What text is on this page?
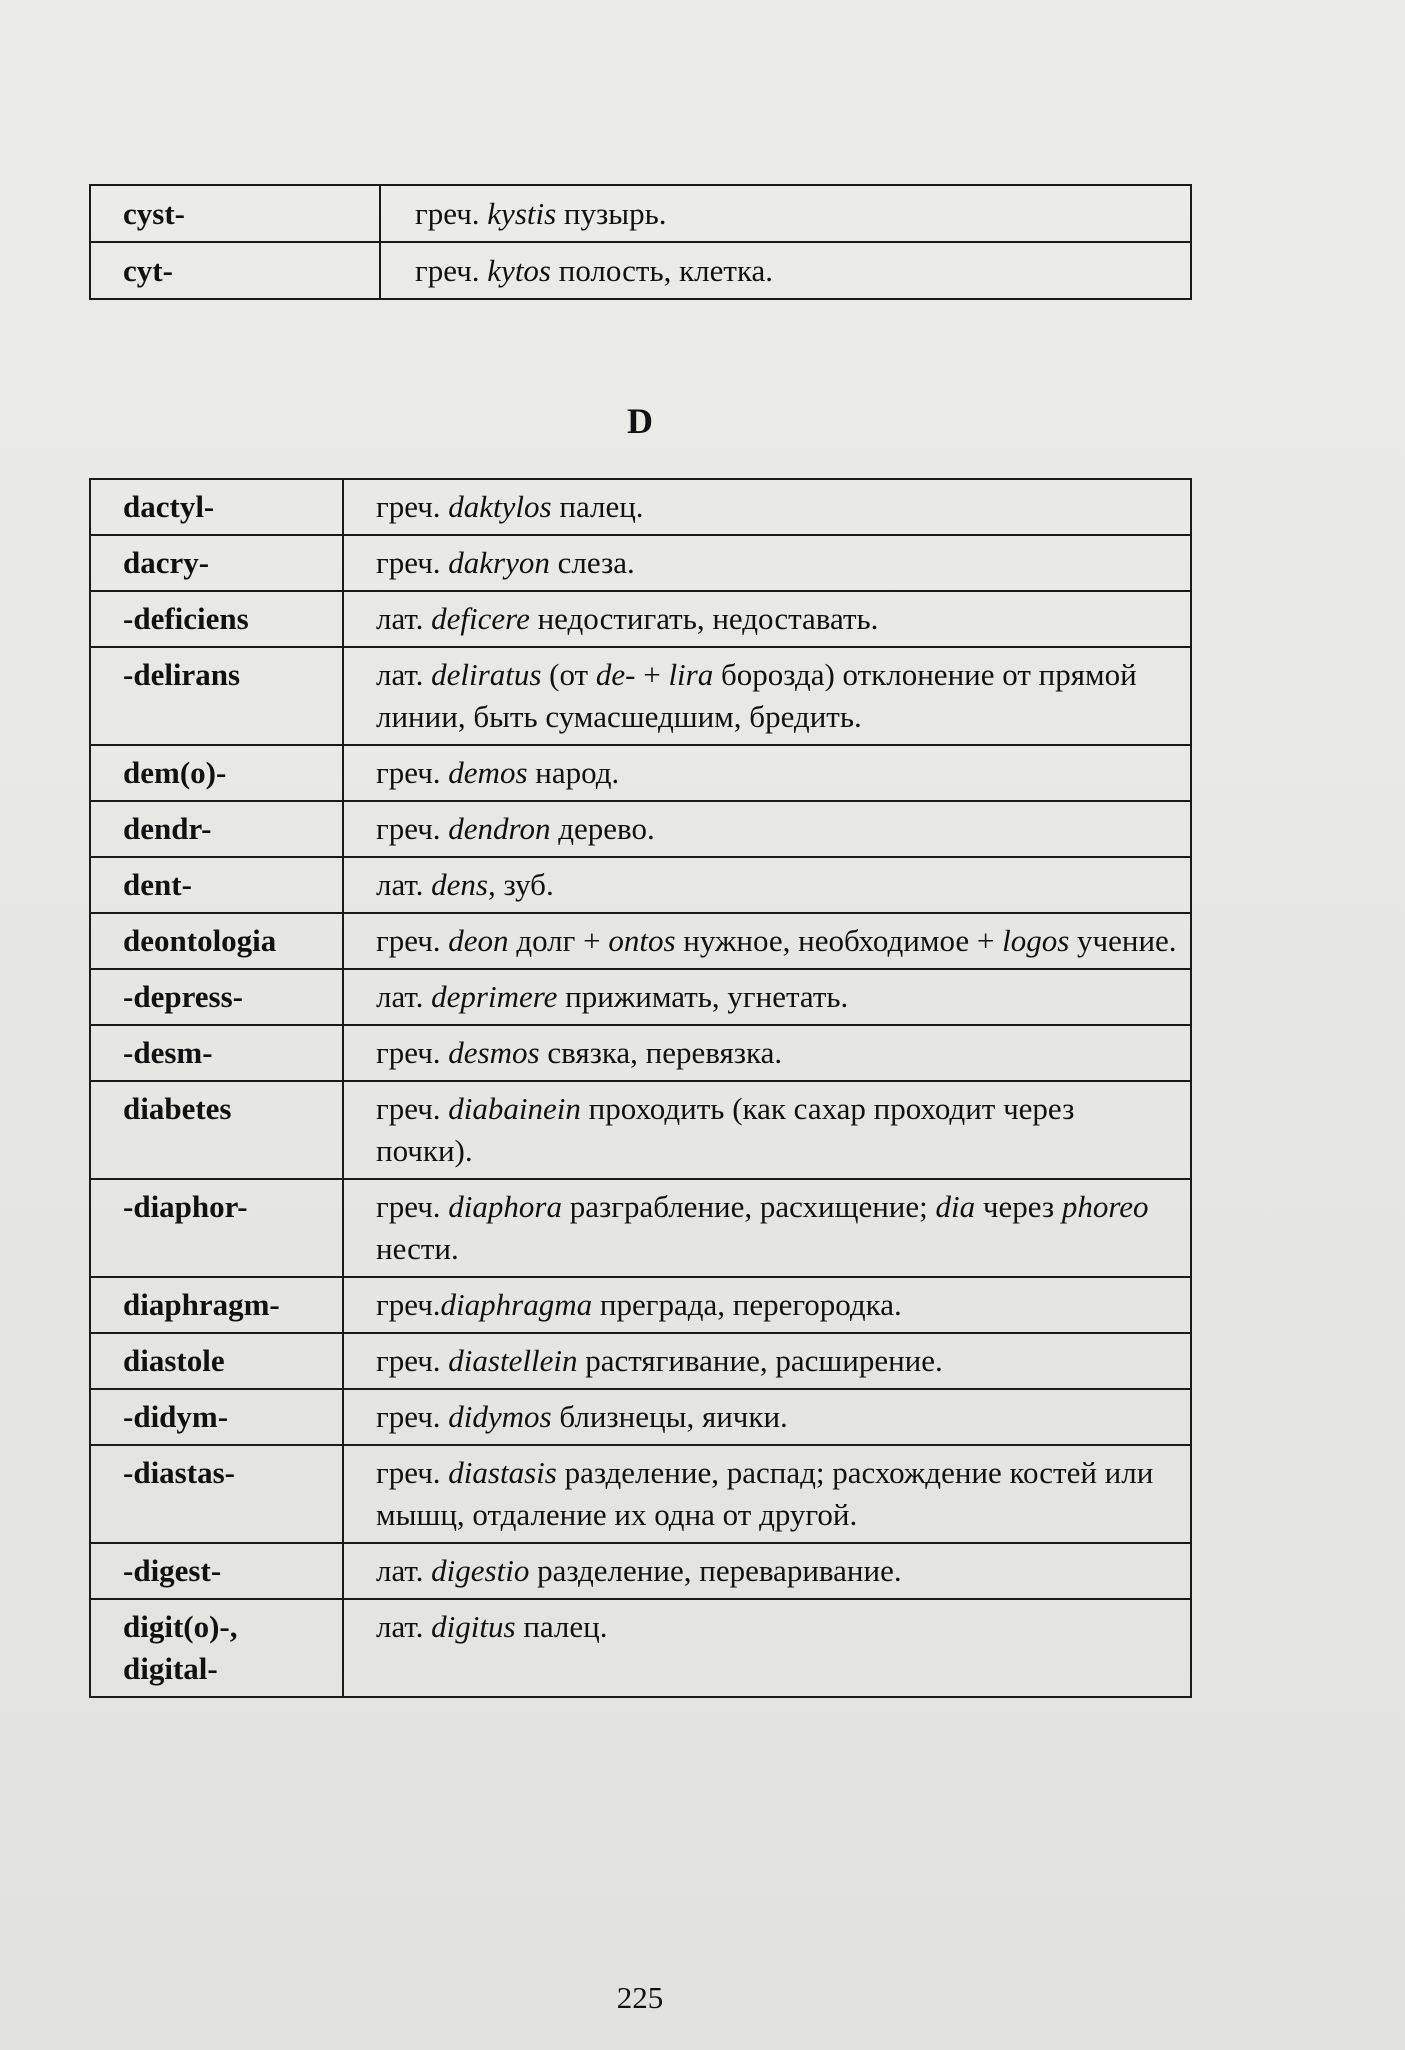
cyst-	греч. kystis пузырь.
cyt-	греч. kytos полость, клетка.
D
dactyl-	греч. daktylos палец.
dacry-	греч. dakryon слеза.
-deficiens	лат. deficere недостигать, недоставать.
-delirans	лат. deliratus (от de- + lira борозда) отклонение от прямой линии, быть сумасшедшим, бредить.
dem(o)-	греч. demos народ.
dendr-	греч. dendron дерево.
dent-	лат. dens, зуб.
deontologia	греч. deon долг + ontos нужное, необходимое + logos учение.
-depress-	лат. deprimere прижимать, угнетать.
-desm-	греч. desmos связка, перевязка.
diabetes	греч. diabainein проходить (как сахар проходит через почки).
-diaphor-	греч. diaphora разграбление, расхищение; dia через phoreo нести.
diaphragm-	греч.diaphragma преграда, перегородка.
diastole	греч. diastellein растягивание, расширение.
-didym-	греч. didymos близнецы, яички.
-diastas-	греч. diastasis разделение, распад; расхождение костей или мышц, отдаление их одна от другой.
-digest-	лат. digestio разделение, переваривание.
digit(o)-, digital-	лат. digitus палец.
225
